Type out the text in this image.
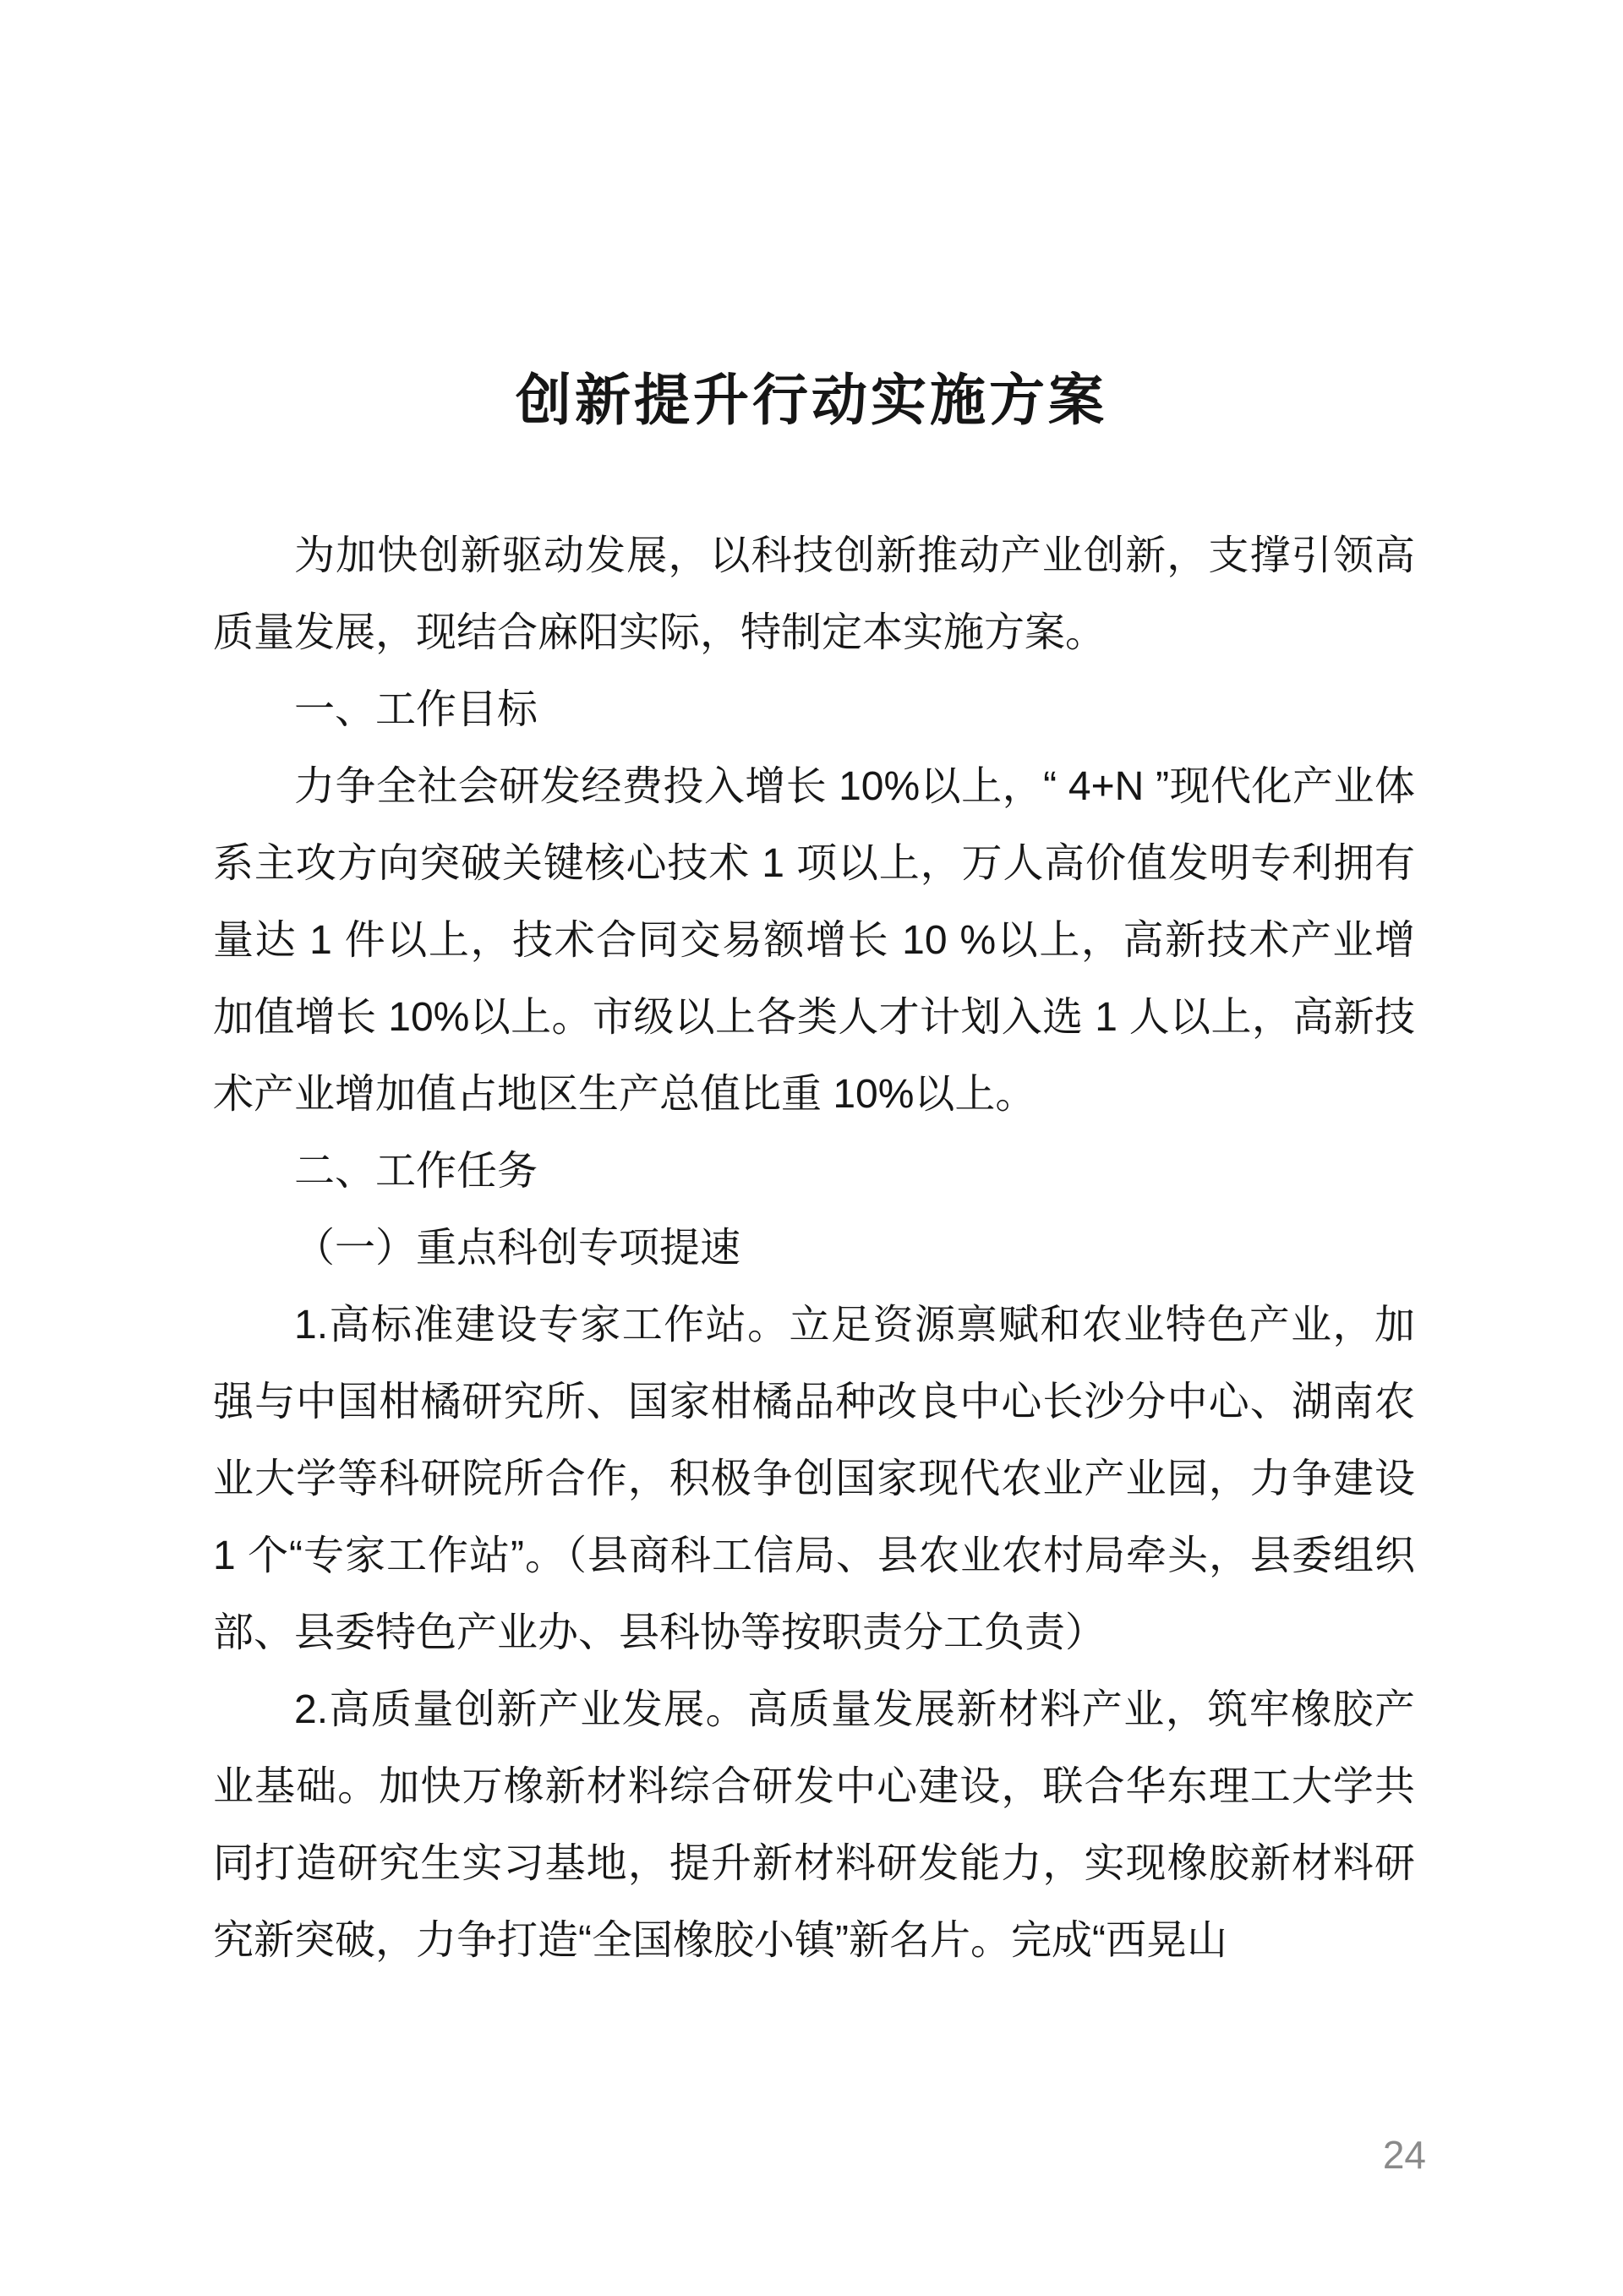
创新提升行动实施方案

为加快创新驱动发展，以科技创新推动产业创新，支撑引领高质量发展，现结合麻阳实际，特制定本实施方案。

一、工作目标

力争全社会研发经费投入增长 10%以上，“ 4+N ”现代化产业体系主攻方向突破关键核心技术 1 项以上，万人高价值发明专利拥有量达 1 件以上，技术合同交易额增长 10 %以上，高新技术产业增加值增长 10%以上。市级以上各类人才计划入选 1 人以上，高新技术产业增加值占地区生产总值比重 10%以上。

二、工作任务

（一）重点科创专项提速

1.高标准建设专家工作站。立足资源禀赋和农业特色产业，加强与中国柑橘研究所、国家柑橘品种改良中心长沙分中心、湖南农业大学等科研院所合作，积极争创国家现代农业产业园，力争建设 1 个“专家工作站”。（县商科工信局、县农业农村局牵头，县委组织部、县委特色产业办、县科协等按职责分工负责）

2.高质量创新产业发展。高质量发展新材料产业，筑牢橡胶产业基础。加快万橡新材料综合研发中心建设，联合华东理工大学共同打造研究生实习基地，提升新材料研发能力，实现橡胶新材料研究新突破，力争打造“全国橡胶小镇”新名片。完成“西晃山

24
